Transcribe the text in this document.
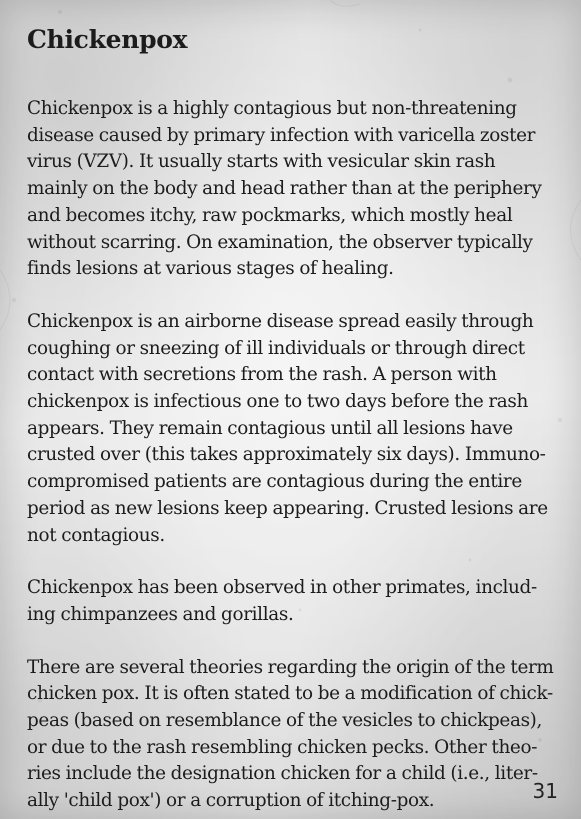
Chickenpox
Chickenpox is a highly contagious but non-threatening
disease caused by primary infection with varicella zoster
virus (VZV). It usually starts with vesicular skin rash
mainly on the body and head rather than at the periphery
and becomes itchy, raw pockmarks, which mostly heal
without scarring. On examination, the observer typically
finds lesions at various stages of healing.
Chickenpox is an airborne disease spread easily through
coughing or sneezing of ill individuals or through direct
contact with secretions from the rash. A person with
chickenpox is infectious one to two days before the rash
appears. They remain contagious until all lesions have
crusted over (this takes approximately six days). Immuno-
compromised patients are contagious during the entire
period as new lesions keep appearing. Crusted lesions are
not contagious.
Chickenpox has been observed in other primates, includ-
ing chimpanzees and gorillas.
There are several theories regarding the origin of the term
chicken pox. It is often stated to be a modification of chick-
peas (based on resemblance of the vesicles to chickpeas),
or due to the rash resembling chicken pecks. Other theo-
ries include the designation chicken for a child (i.e., liter-
ally 'child pox') or a corruption of itching-pox.	31
